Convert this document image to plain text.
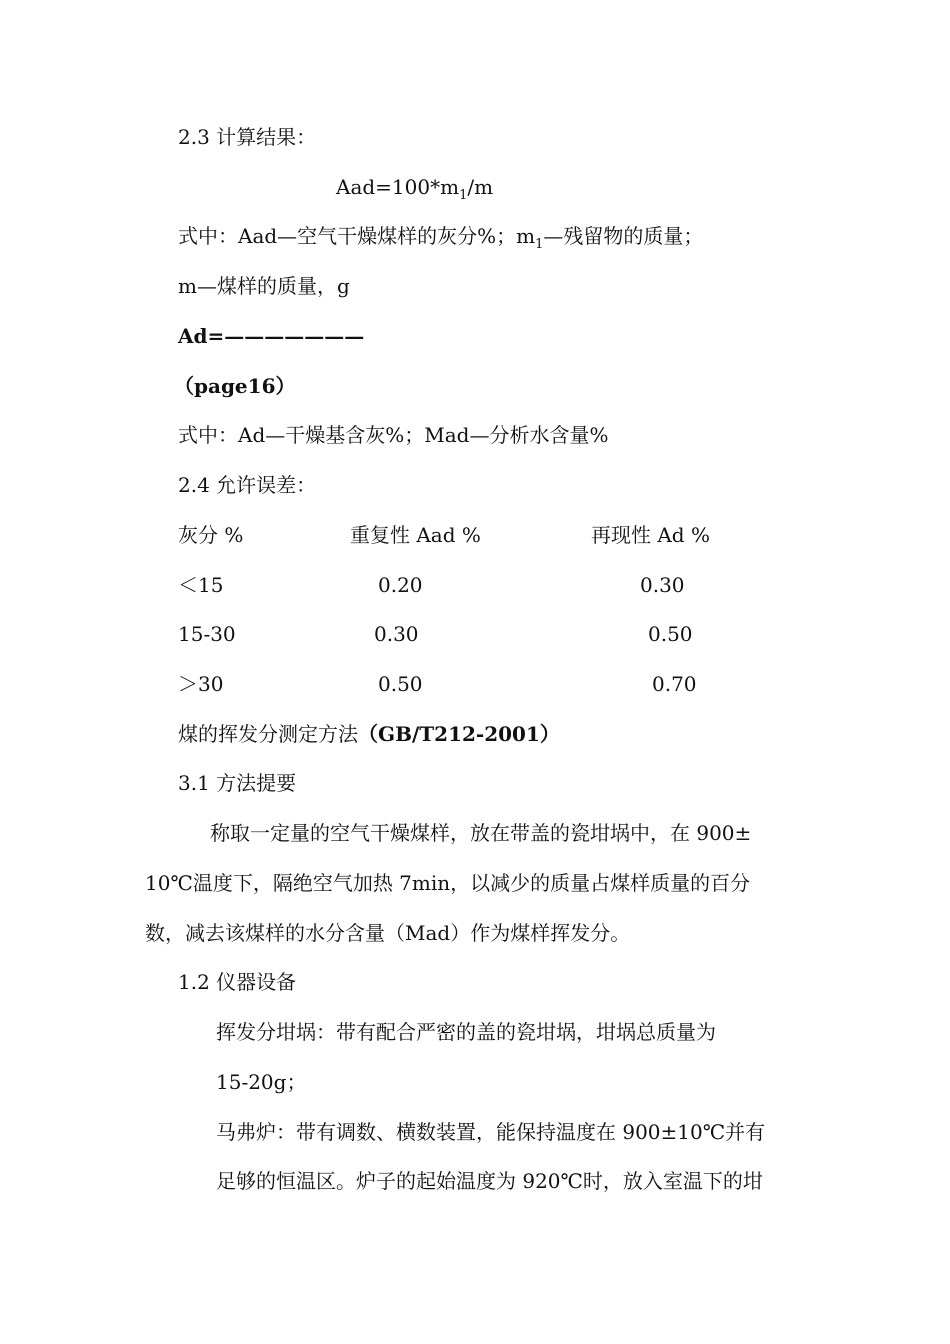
2.3 计算结果：
$Aad=100*m_1/m$
式中：Aad—空气干燥煤样的灰分%；$m_1—$残留物的质量；
m—煤样的质量，g
Ad=———————
（page16）
式中：Ad—干燥基含灰%；Mad—分析水含量%
2.4 允许误差：
灰分 %	重复性 Aad %	再现性 Ad %
＜15	0.20	0.30
15-30	0.30	0.50
＞30	0.50	0.70
煤的挥发分测定方法（GB/T212-2001）
3.1 方法提要
称取一定量的空气干燥煤样，放在带盖的瓷坩埚中，在 900±
10℃温度下，隔绝空气加热 7min，以减少的质量占煤样质量的百分
数，减去该煤样的水分含量（Mad）作为煤样挥发分。
1.2 仪器设备
挥发分坩埚：带有配合严密的盖的瓷坩埚，坩埚总质量为
15-20g；
马弗炉：带有调数、横数装置，能保持温度在 900±10℃并有
足够的恒温区。炉子的起始温度为 920℃时，放入室温下的坩
